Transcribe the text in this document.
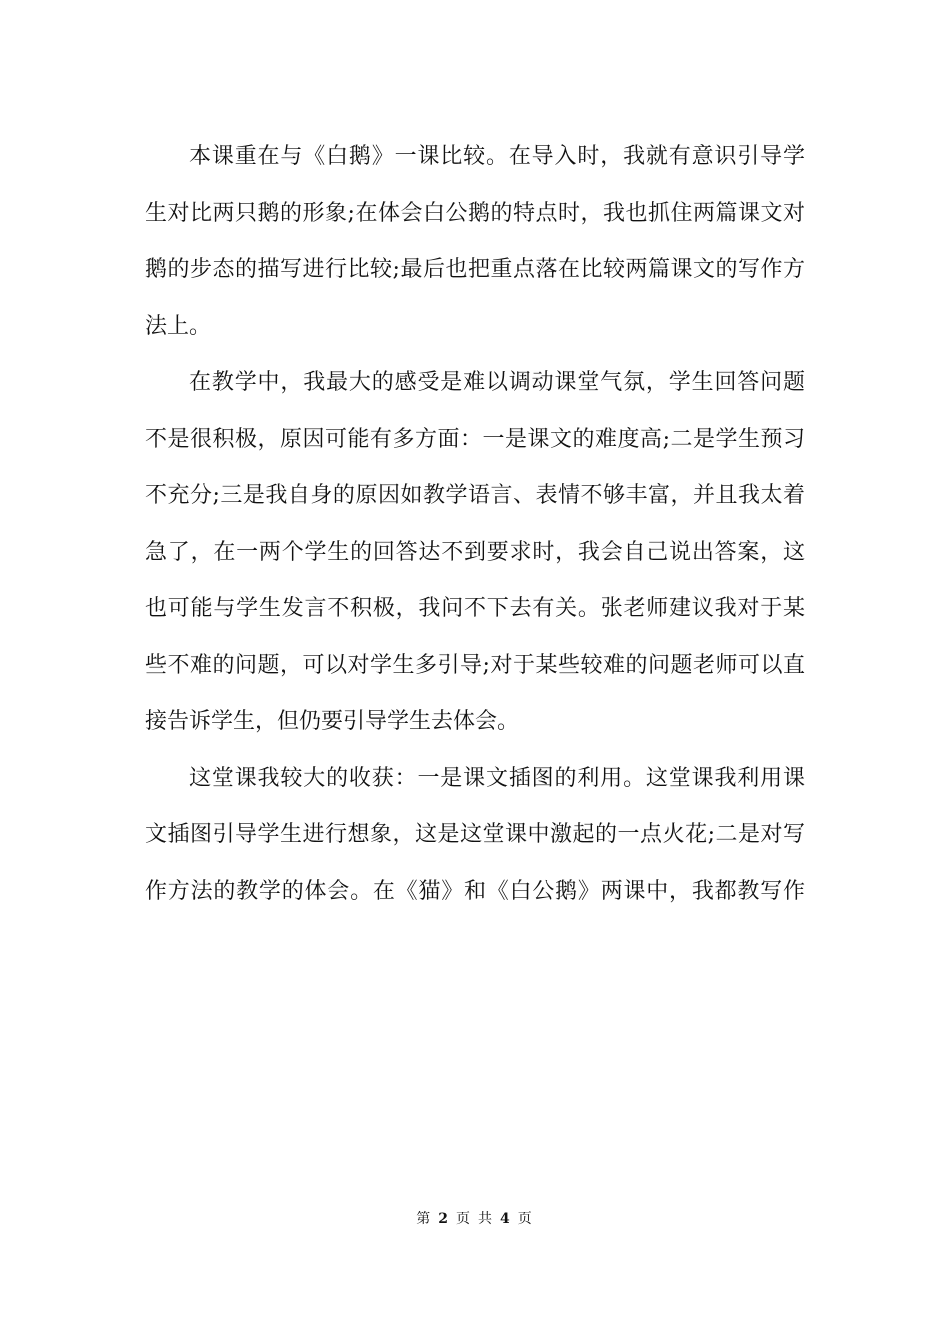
本课重在与《白鹅》一课比较。在导入时，我就有意识引导学
生对比两只鹅的形象;在体会白公鹅的特点时，我也抓住两篇课文对
鹅的步态的描写进行比较;最后也把重点落在比较两篇课文的写作方
法上。
在教学中，我最大的感受是难以调动课堂气氛，学生回答问题
不是很积极，原因可能有多方面：一是课文的难度高;二是学生预习
不充分;三是我自身的原因如教学语言、表情不够丰富，并且我太着
急了，在一两个学生的回答达不到要求时，我会自己说出答案，这
也可能与学生发言不积极，我问不下去有关。张老师建议我对于某
些不难的问题，可以对学生多引导;对于某些较难的问题老师可以直
接告诉学生，但仍要引导学生去体会。
这堂课我较大的收获：一是课文插图的利用。这堂课我利用课
文插图引导学生进行想象，这是这堂课中激起的一点火花;二是对写
作方法的教学的体会。在《猫》和《白公鹅》两课中，我都教写作
第 2 页 共 4 页
